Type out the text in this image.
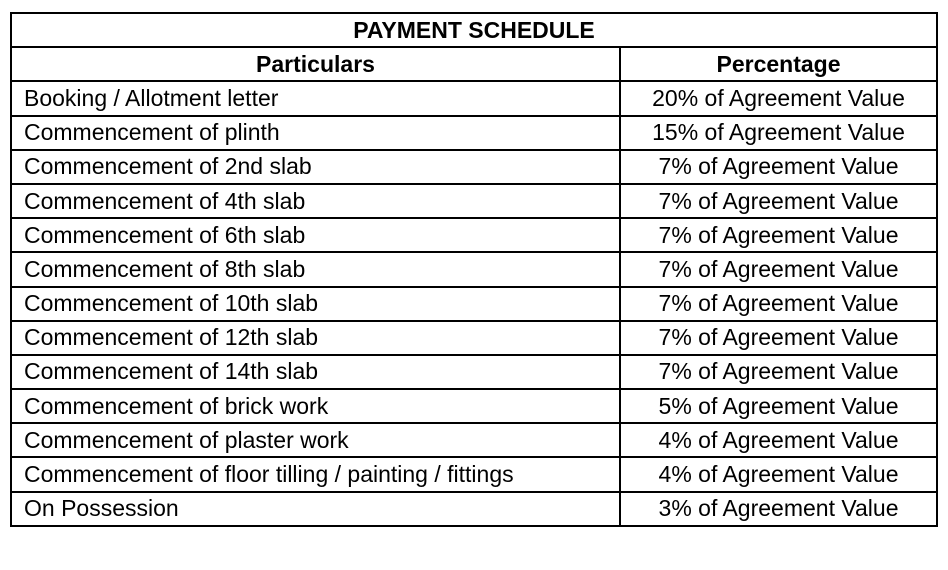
PAYMENT SCHEDULE	
Particulars	Percentage
Booking / Allotment letter	20% of Agreement Value
Commencement of plinth	15% of Agreement Value
Commencement of 2nd slab	7% of Agreement Value
Commencement of 4th slab	7% of Agreement Value
Commencement of 6th slab	7% of Agreement Value
Commencement of 8th slab	7% of Agreement Value
Commencement of 10th slab	7% of Agreement Value
Commencement of 12th slab	7% of Agreement Value
Commencement of 14th slab	7% of Agreement Value
Commencement of brick work	5% of Agreement Value
Commencement of plaster work	4% of Agreement Value
Commencement of floor tilling / painting / fittings	4% of Agreement Value
On Possession	3% of Agreement Value
